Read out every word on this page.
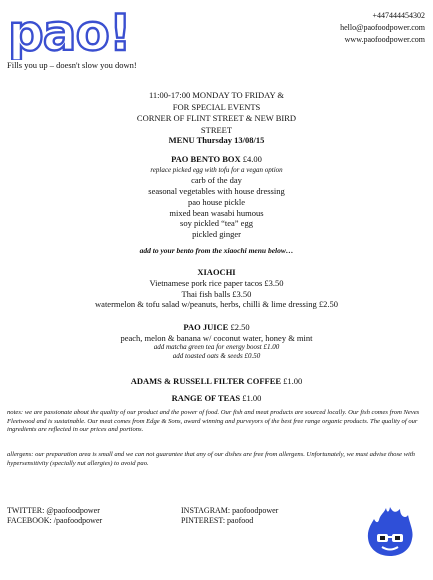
pao!
Fills you up – doesn't slow you down!
+447444454302
hello@paofoodpower.com
www.paofoodpower.com
11:00-17:00 MONDAY TO FRIDAY &
FOR SPECIAL EVENTS
CORNER OF FLINT STREET & NEW BIRD
STREET
MENU Thursday 13/08/15
PAO BENTO BOX £4.00
replace picked egg with tofu for a vegan option
carb of the day
seasonal vegetables with house dressing
pao house pickle
mixed bean wasabi humous
soy pickled “tea” egg
pickled ginger
add to your bento from the xiaochi menu below…
XIAOCHI
Vietnamese pork rice paper tacos £3.50
Thai fish balls £3.50
watermelon & tofu salad w/peanuts, herbs, chilli & lime dressing £2.50
PAO JUICE £2.50
peach, melon & banana w/ coconut water, honey & mint
add matcha green tea for energy boost £1.00
add toasted oats & seeds £0.50
ADAMS & RUSSELL FILTER COFFEE £1.00
RANGE OF TEAS £1.00
notes: we are passionate about the quality of our product and the power of food. Our fish and meat products are sourced locally. Our fish comes from Neves Fleetwood and is sustainable. Our meat comes from Edge & Sons, award winning and purveyors of the best free range organic products. The quality of our ingredients are reflected in our prices and portions.
allergens: our preparation area is small and we can not guarantee that any of our dishes are free from allergens. Unfortunately, we must advise those with hypersensitivity (specially nut allergies) to avoid pao.
TWITTER: @paofoodpower
FACEBOOK: /paofoodpower
INSTAGRAM: paofoodpower
PINTEREST: paofood
